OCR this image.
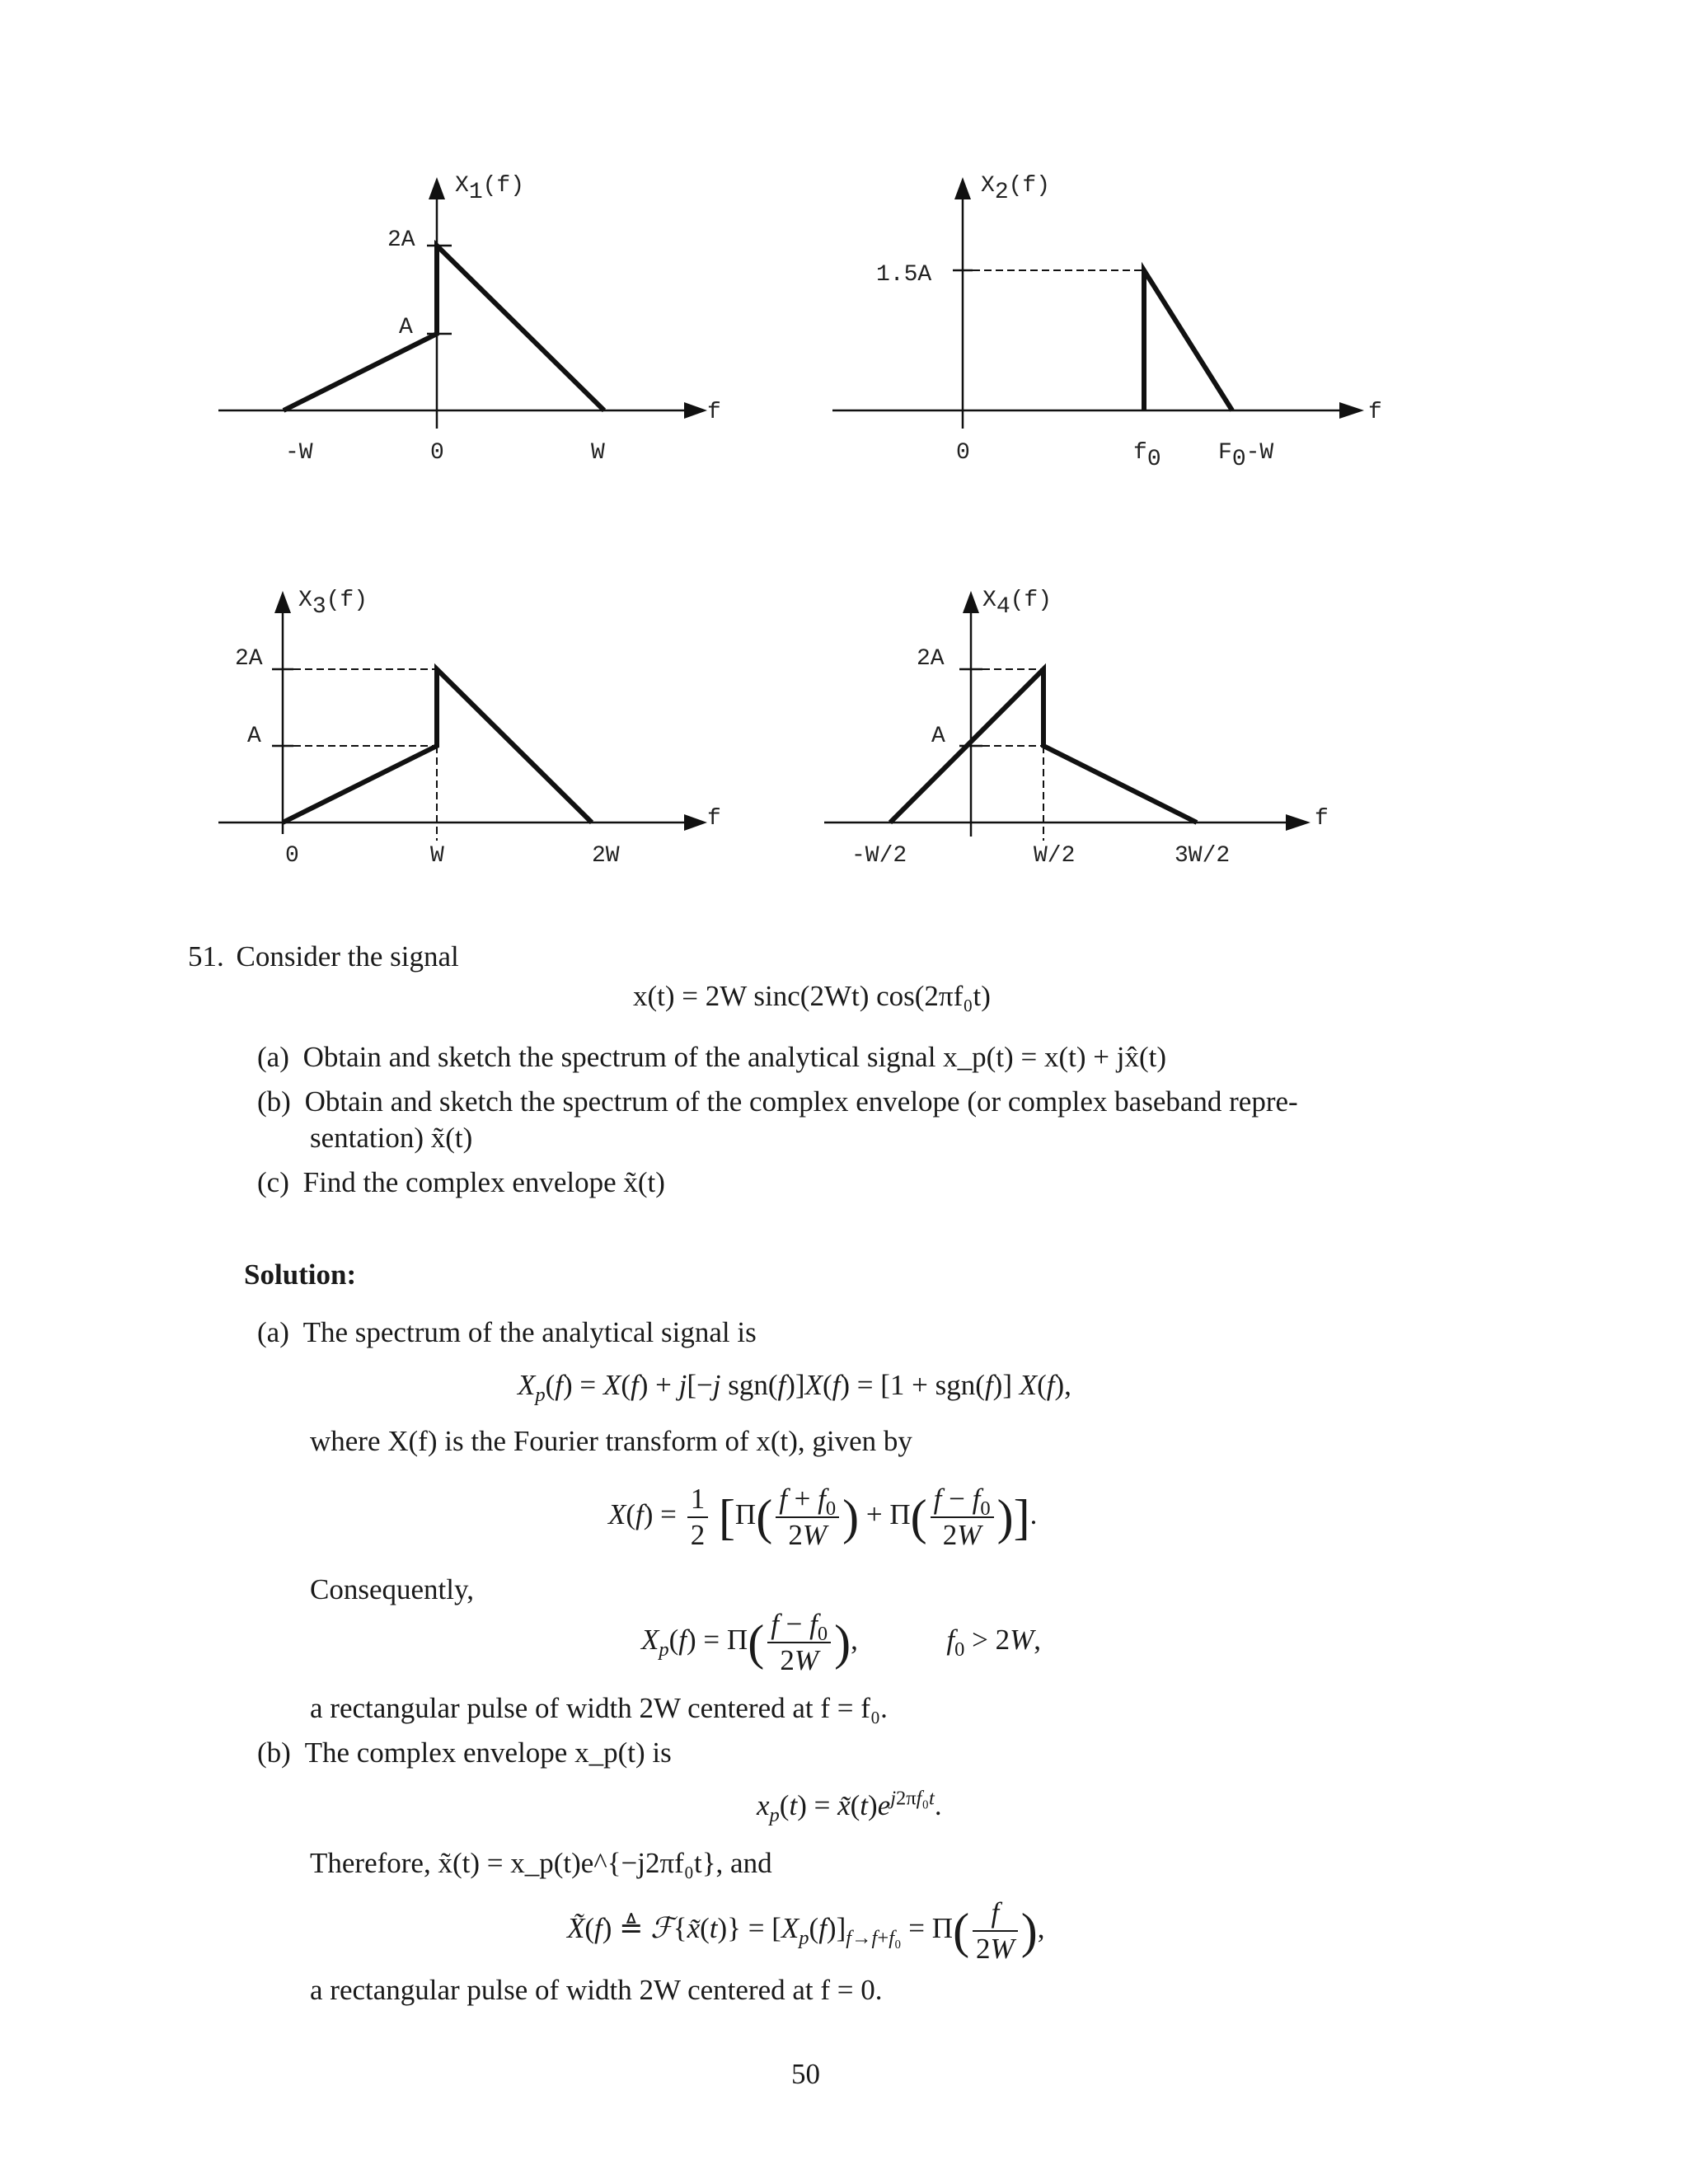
X1(f)
2A
A
-W	0	W
f
X2(f)
1.5A
0	f0 F0-W
f
X3(f)
2A
A
0	W	2W
f
X4(f)
2A
A
-W/2	W/2	3W/2
f
51. Consider the signal
x(t) = 2W sinc(2Wt) cos(2πf₀t)
(a) Obtain and sketch the spectrum of the analytical signal x_p(t) = x(t) + jx̂(t)
(b) Obtain and sketch the spectrum of the complex envelope (or complex baseband repre-
sentation) x̃(t)
(c) Find the complex envelope x̃(t)
Solution:
(a) The spectrum of the analytical signal is
$X_p(f) = X(f) + j[-j$ sgn(f)]X(f) = [1 + sgn(f)] X(f),
where X(f) is the Fourier transform of x(t), given by
$X(f) = \frac{1}{2} [\Pi( \frac{f + f_0}{2W}$ ) + $\Pi( \frac{f - f_0}{2W}$ )].
Consequently,
$X_p(f) = \Pi( \frac{f - f_0}{2W}$ ),	$f_0 > 2W$,
a rectangular pulse of width 2W centered at f = f₀.
(b) The complex envelope x_p(t) is
$x_p(t)$ = $x̃(t)e^{j2\pi f_0t}$.
Therefore, x̃(t) = x_p(t)e^{−j2πf₀t}, and
X̃(f) ≜ ℱ{x̃(t)} = $[X_p(f)]_{f\to f+f_0} = \Pi( \frac{f}{2W}$ ),
a rectangular pulse of width 2W centered at f = 0.
50
